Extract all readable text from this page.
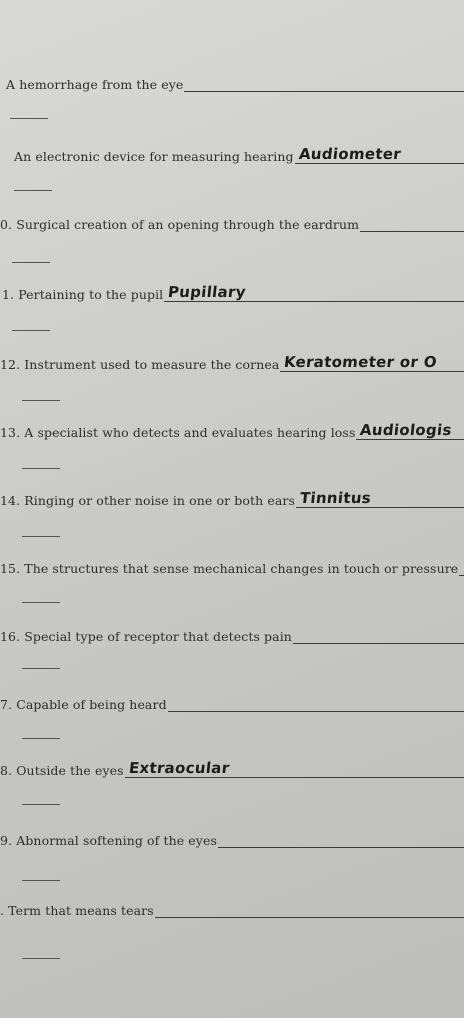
A hemorrhage from the eye
An electronic device for measuring hearing Audiometer
0. Surgical creation of an opening through the eardrum
1. Pertaining to the pupil Pupillary
12. Instrument used to measure the cornea Keratometer or O
13. A specialist who detects and evaluates hearing loss Audiologis
14. Ringing or other noise in one or both ears Tinnitus
15. The structures that sense mechanical changes in touch or pressure
16. Special type of receptor that detects pain
7. Capable of being heard
8. Outside the eyes Extraocular
9. Abnormal softening of the eyes
. Term that means tears
